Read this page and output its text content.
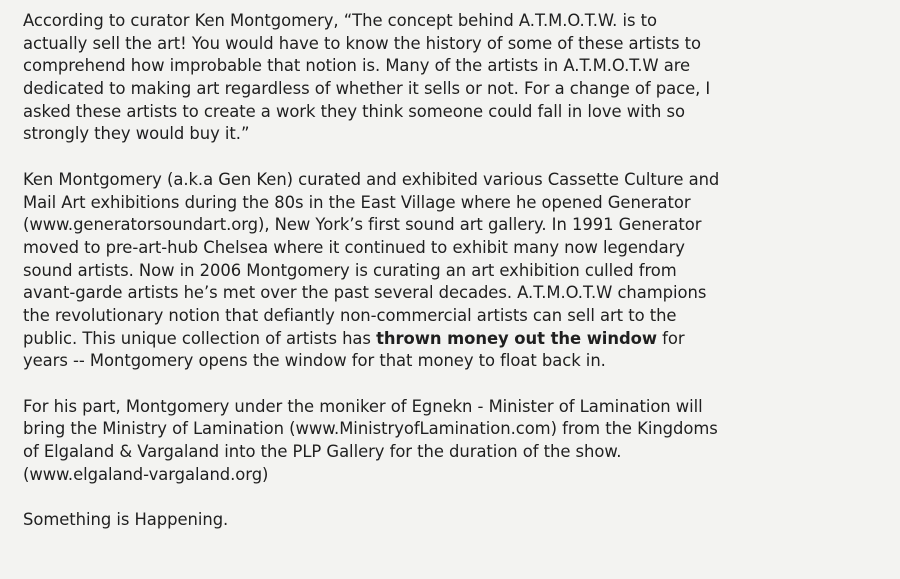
According to curator Ken Montgomery, “The concept behind A.T.M.O.T.W. is to
actually sell the art! You would have to know the history of some of these artists to
comprehend how improbable that notion is. Many of the artists in A.T.M.O.T.W are
dedicated to making art regardless of whether it sells or not. For a change of pace, I
asked these artists to create a work they think someone could fall in love with so
strongly they would buy it.”
Ken Montgomery (a.k.a Gen Ken) curated and exhibited various Cassette Culture and
Mail Art exhibitions during the 80s in the East Village where he opened Generator
(www.generatorsoundart.org), New York’s first sound art gallery. In 1991 Generator
moved to pre-art-hub Chelsea where it continued to exhibit many now legendary
sound artists. Now in 2006 Montgomery is curating an art exhibition culled from
avant-garde artists he’s met over the past several decades. A.T.M.O.T.W champions
the revolutionary notion that defiantly non-commercial artists can sell art to the
public. This unique collection of artists has thrown money out the window for
years -- Montgomery opens the window for that money to float back in.
For his part, Montgomery under the moniker of Egnekn - Minister of Lamination will
bring the Ministry of Lamination (www.MinistryofLamination.com) from the Kingdoms
of Elgaland & Vargaland into the PLP Gallery for the duration of the show.
(www.elgaland-vargaland.org)
Something is Happening.
